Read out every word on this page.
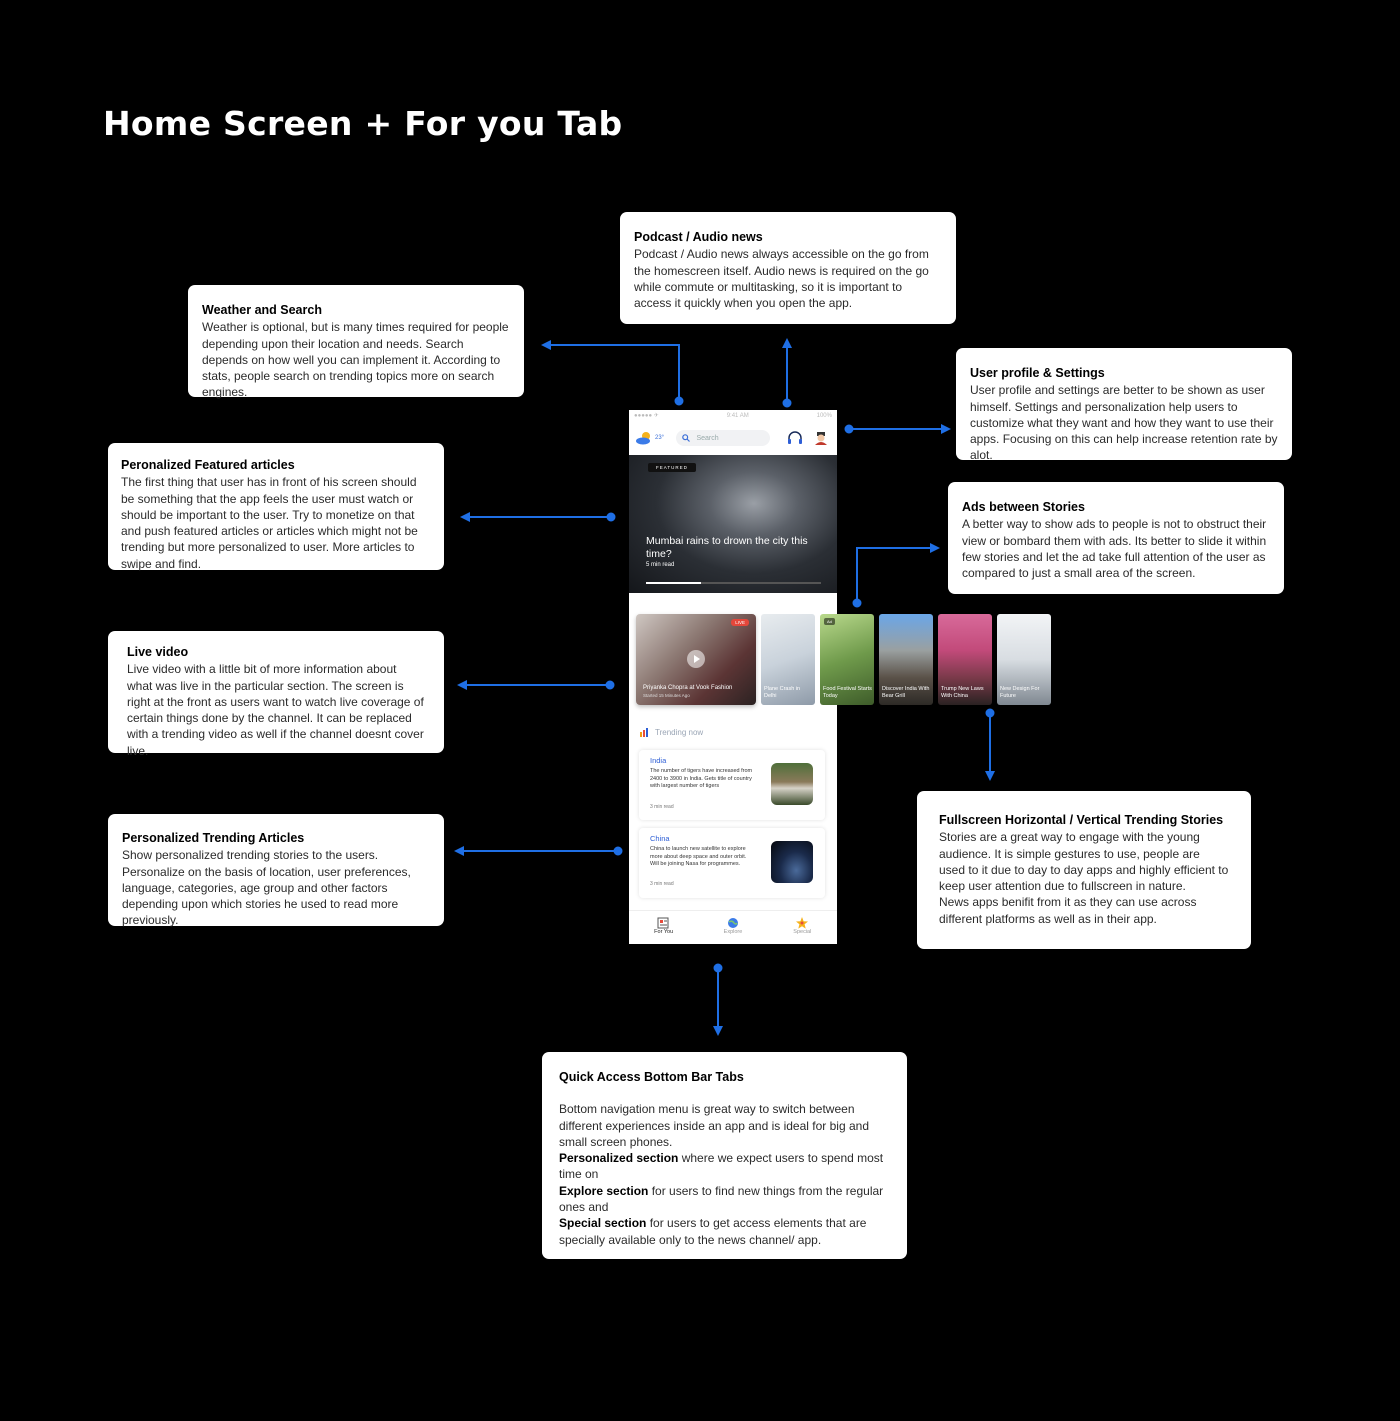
Home Screen + For you Tab
Podcast / Audio news
Podcast / Audio news always accessible on the go from the homescreen itself. Audio news is required on the go while commute or multitasking, so it is important to access it quickly when you open the app.
Weather and Search
Weather is optional, but is many times required for people depending upon their location and needs. Search depends on how well you can implement it. According to stats, people search on trending topics more on search engines.
User profile & Settings
User profile and settings are better to be shown as user himself. Settings and personalization help users to customize what they want and how they want to use their apps. Focusing on this can help increase retention rate by alot.
Peronalized Featured articles
The first thing that user has in front of his screen should be something that the app feels the user must watch or should be important to the user. Try to monetize on that and push featured articles or articles which might not be trending but more personalized to user. More articles to swipe and find.
Ads between Stories
A better way to show ads to people is not to obstruct their view or bombard them with ads. Its better to slide it within few stories and let the ad take full attention of the user as compared to just a small area of the screen.
Live video
Live video with a little bit of more information about what was live in the particular section. The screen is right at the front as users want to watch live coverage of certain things done by the channel. It can be replaced with a trending video as well if the channel doesnt cover live.
Fullscreen Horizontal / Vertical Trending Stories
Stories are a great way to engage with the young audience. It is simple gestures to use, people are used to it due to day to day apps and highly efficient to keep user attention due to fullscreen in nature.
News apps benifit from it as they can use across different platforms as well as in their app.
Personalized Trending Articles
Show personalized trending stories to the users. Personalize on the basis of location, user preferences, language, categories, age group and other factors depending upon which stories he used to read more previously.
Quick Access Bottom Bar Tabs
Bottom navigation menu is great way to switch between different experiences inside an app and is ideal for big and small screen phones.
Personalized section where we expect users to spend most time on
Explore section for users to find new things from the regular ones and
Special section for users to get access elements that are specially available only to the news channel/ app.
●●●●● ✈	9:41 AM	100%
23°	Search
FEATURED
Mumbai rains to drown the city this time?
5 min read
LIVE
Priyanka Chopra at Vook Fashion
Started 15 Minutes Ago
Plane Crash in Delhi
Ad
Food Festival Starts Today
Discover India With Bear Grill
Trump New Laws With China
New Design For Future
Trending now
India
The number of tigers have increased from 2400 to 3900 in India. Gets title of country with largest number of tigers
3 min read
China
China to launch new satellite to explore more about deep space and outer orbit. Will be joining Nasa for programmes.
3 min read
For You	Explore	Special
